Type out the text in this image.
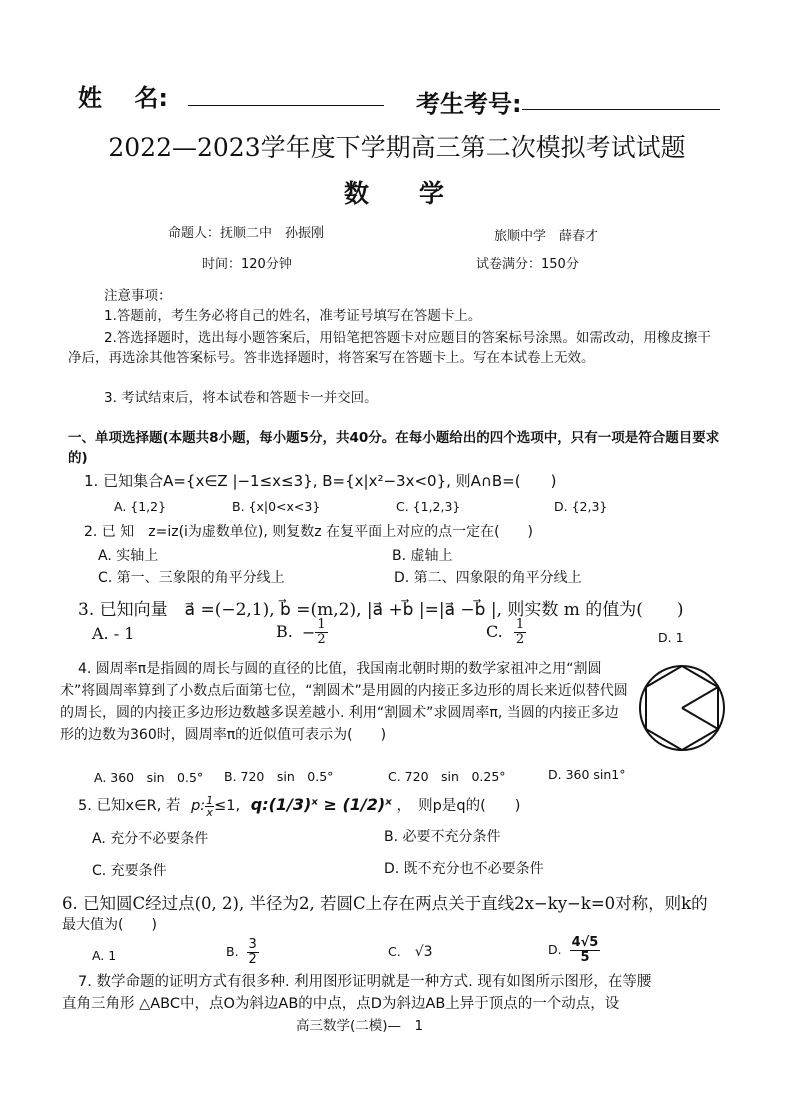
姓　 名:	考生考号:
2022—2023学年度下学期高三第二次模拟考试试题
数　　学
命题人：抚顺二中　孙振刚	旅顺中学　薛春才
时间：120分钟	试卷满分：150分
注意事项：
1.答题前，考生务必将自己的姓名，准考证号填写在答题卡上。
2.答选择题时，选出每小题答案后，用铅笔把答题卡对应题目的答案标号涂黑。如需改动，用橡皮擦干净后，再选涂其他答案标号。答非选择题时，将答案写在答题卡上。写在本试卷上无效。
3. 考试结束后，将本试卷和答题卡一并交回。
一、单项选择题(本题共8小题，每小题5分，共40分。在每小题给出的四个选项中，只有一项是符合题目要求的)
1. 已知集合A={x∈Z |−1≤x≤3}, B={x|x²−3x<0}, 则A∩B=(　　)
A. {1,2}	B. {x|0<x<3}	C. {1,2,3}	D. {2,3}
2. 已 知　z=iz(i为虚数单位), 则复数z 在复平面上对应的点一定在(　　)
A. 实轴上	B. 虚轴上
C. 第一、三象限的角平分线上	D. 第二、四象限的角平分线上
3. 已知向量　a⃗ =(−2,1), b⃗ =(m,2), |a⃗ +b⃗ |=|a⃗ −b⃗ |, 则实数 m 的值为(　　)
A. - 1	B. − $\frac{1}{2}$	C. $\frac{1}{2}$	D. 1
4. 圆周率π是指圆的周长与圆的直径的比值，我国南北朝时期的数学家祖冲之用“割圆术”将圆周率算到了小数点后面第七位，“割圆术”是用圆的内接正多边形的周长来近似替代圆的周长，圆的内接正多边形边数越多误差越小. 利用“割圆术”求圆周率π, 当圆的内接正多边形的边数为360时，圆周率π的近似值可表示为(　　)
A. 360　sin　0.5° B. 720　sin　0.5°	C. 720　sin　0.25°	D. 360 sin1°
5. 已知x∈R, 若 p: $\frac{1}{x} \le 1$, q:(1/3)ˣ ≥ (1/2)ˣ ，　则p是q的(　　)
A. 充分不必要条件	B. 必要不充分条件
C. 充要条件	D. 既不充分也不必要条件
6. 已知圆C经过点(0, 2), 半径为2, 若圆C上存在两点关于直线2x−ky−k=0对称，则k的
最大值为(　　)
A. 1	B. $\frac{3}{2}$	C. √3	D. $\frac{4√5}{5}$
7. 数学命题的证明方式有很多种. 利用图形证明就是一种方式. 现有如图所示图形，在等腰
直角三角形 △ABC中，点O为斜边AB的中点，点D为斜边AB上异于顶点的一个动点，设
高三数学(二模)—　1
